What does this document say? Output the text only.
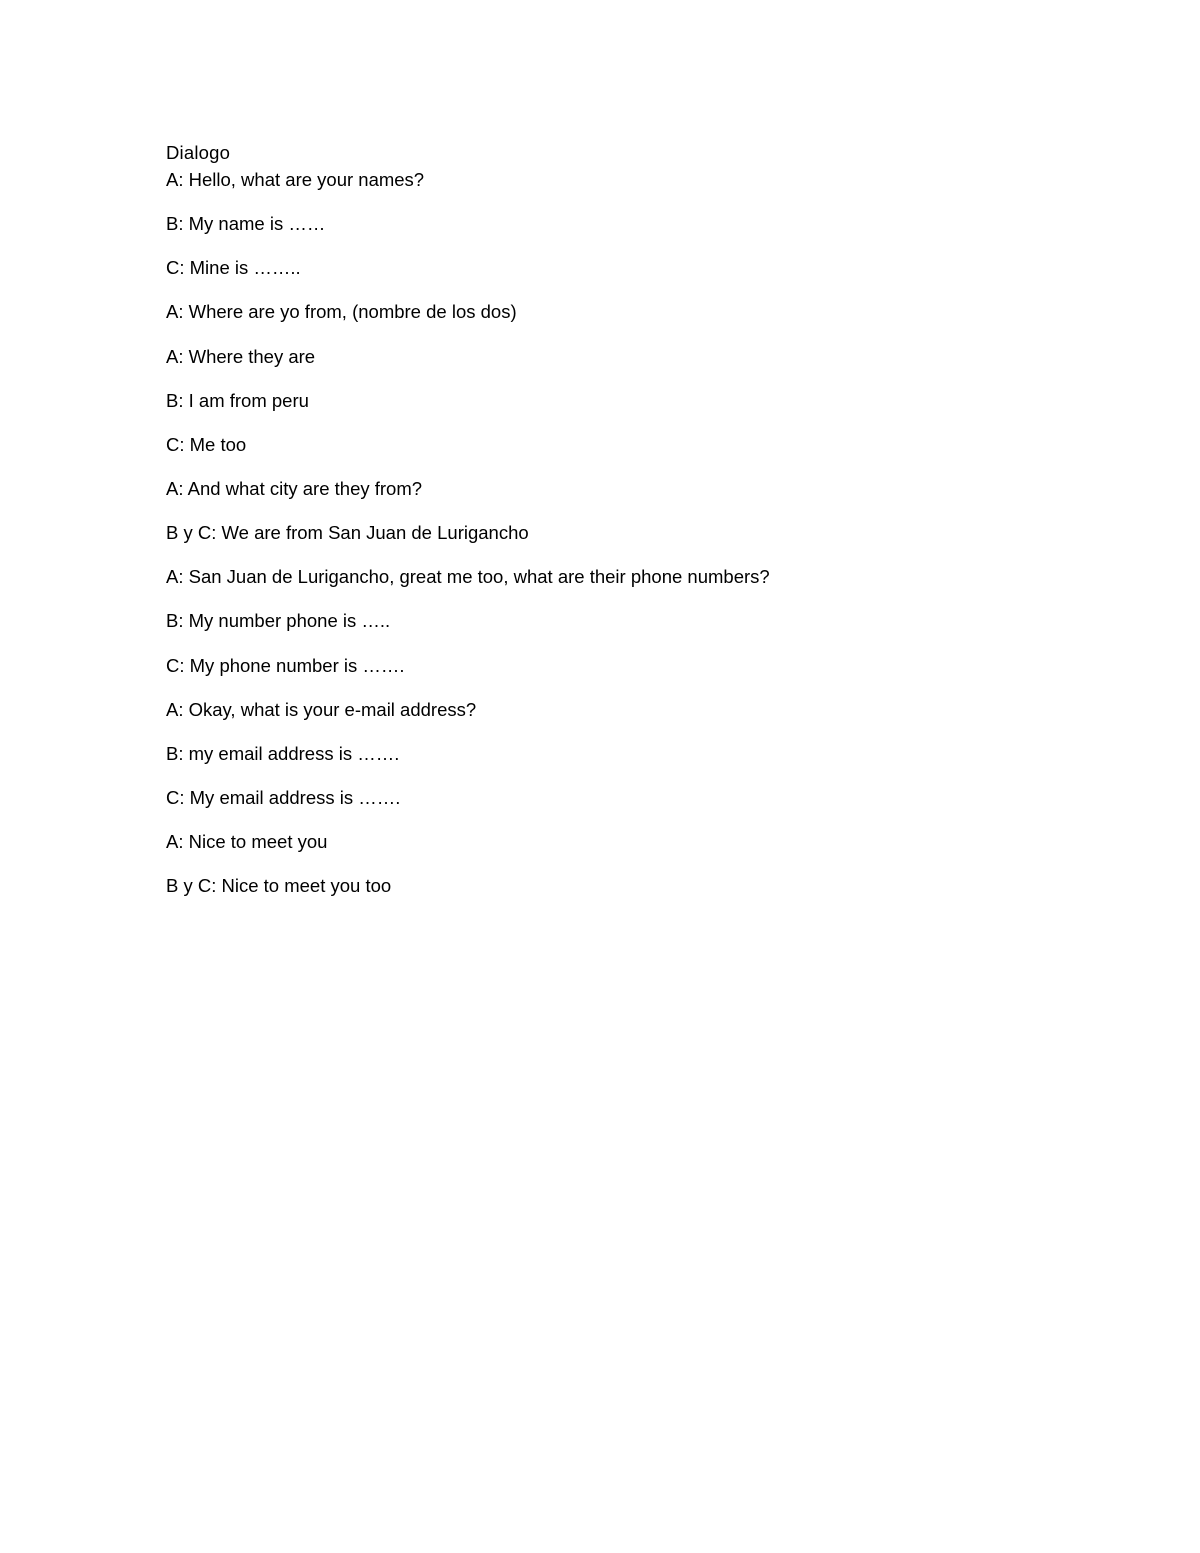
Dialogo
A: Hello, what are your names?
B: My name is ……
C: Mine is ……..
A: Where are yo from, (nombre de los dos)
A: Where they are
B: I am from peru
C: Me too
A: And what city are they from?
B y C: We are from San Juan de Lurigancho
A: San Juan de Lurigancho, great me too, what are their phone numbers?
B: My number phone is …..
C: My phone number is …….
A: Okay, what is your e-mail address?
B: my email address is …….
C: My email address is …….
A: Nice to meet you
B y C: Nice to meet you too
